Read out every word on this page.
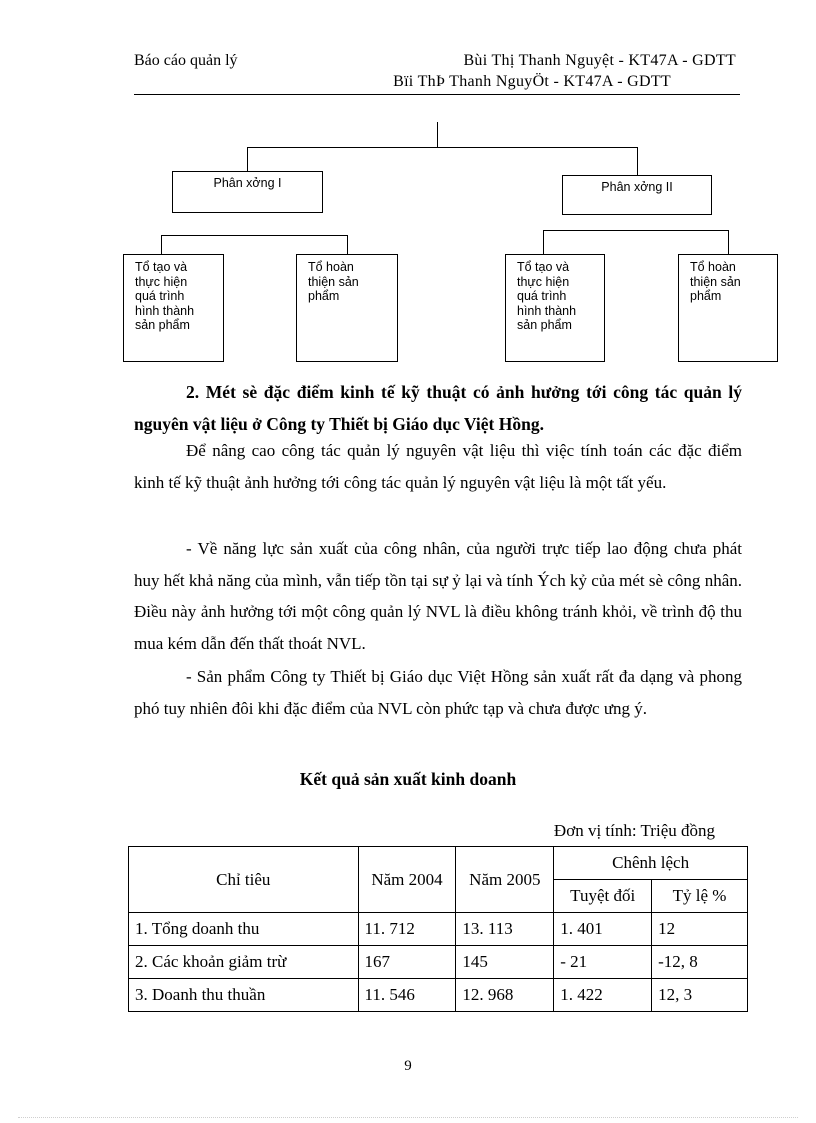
Báo cáo quản lý	Bùi Thị Thanh Nguyệt - KT47A - GDTT
Bïi ThÞ Thanh NguyÖt - KT47A - GDTT
Phân xởng I	Phân xởng II
Tổ tạo và
thực hiện
quá trình
hình thành
sản phẩm
Tổ hoàn
thiện sản
phẩm
Tổ tạo và
thực hiện
quá trình
hình thành
sản phẩm
Tổ hoàn
thiện sản
phẩm
2. Mét sè đặc điểm kinh tế kỹ thuật có ảnh hưởng tới công tác quản lý nguyên vật liệu ở Công ty Thiết bị Giáo dục Việt Hồng.
Để nâng cao công tác quản lý nguyên vật liệu thì việc tính toán các đặc điểm kinh tế kỹ thuật ảnh hưởng tới công tác quản lý nguyên vật liệu là một tất yếu.
- Về năng lực sản xuất của công nhân, của người trực tiếp lao động chưa phát huy hết khả năng của mình, vẫn tiếp tồn tại sự ỷ lại và tính Ých kỷ của mét sè công nhân. Điều này ảnh hưởng tới một công quản lý NVL là điều không tránh khỏi, về trình độ thu mua kém dẫn đến thất thoát NVL.
- Sản phẩm Công ty Thiết bị Giáo dục Việt Hồng sản xuất rất đa dạng và phong phó tuy nhiên đôi khi đặc điểm của NVL còn phức tạp và chưa được ưng ý.
Kết quả sản xuất kinh doanh
Đơn vị tính: Triệu đồng
Chỉ tiêu	Năm 2004	Năm 2005	Chênh lệch	
			Tuyệt đối	Tỷ lệ %
1. Tổng doanh thu	11. 712	13. 113	1. 401	12
2. Các khoản giảm trừ	167	145	- 21	-12, 8
3. Doanh thu thuần	11. 546	12. 968	1. 422	12, 3
9
